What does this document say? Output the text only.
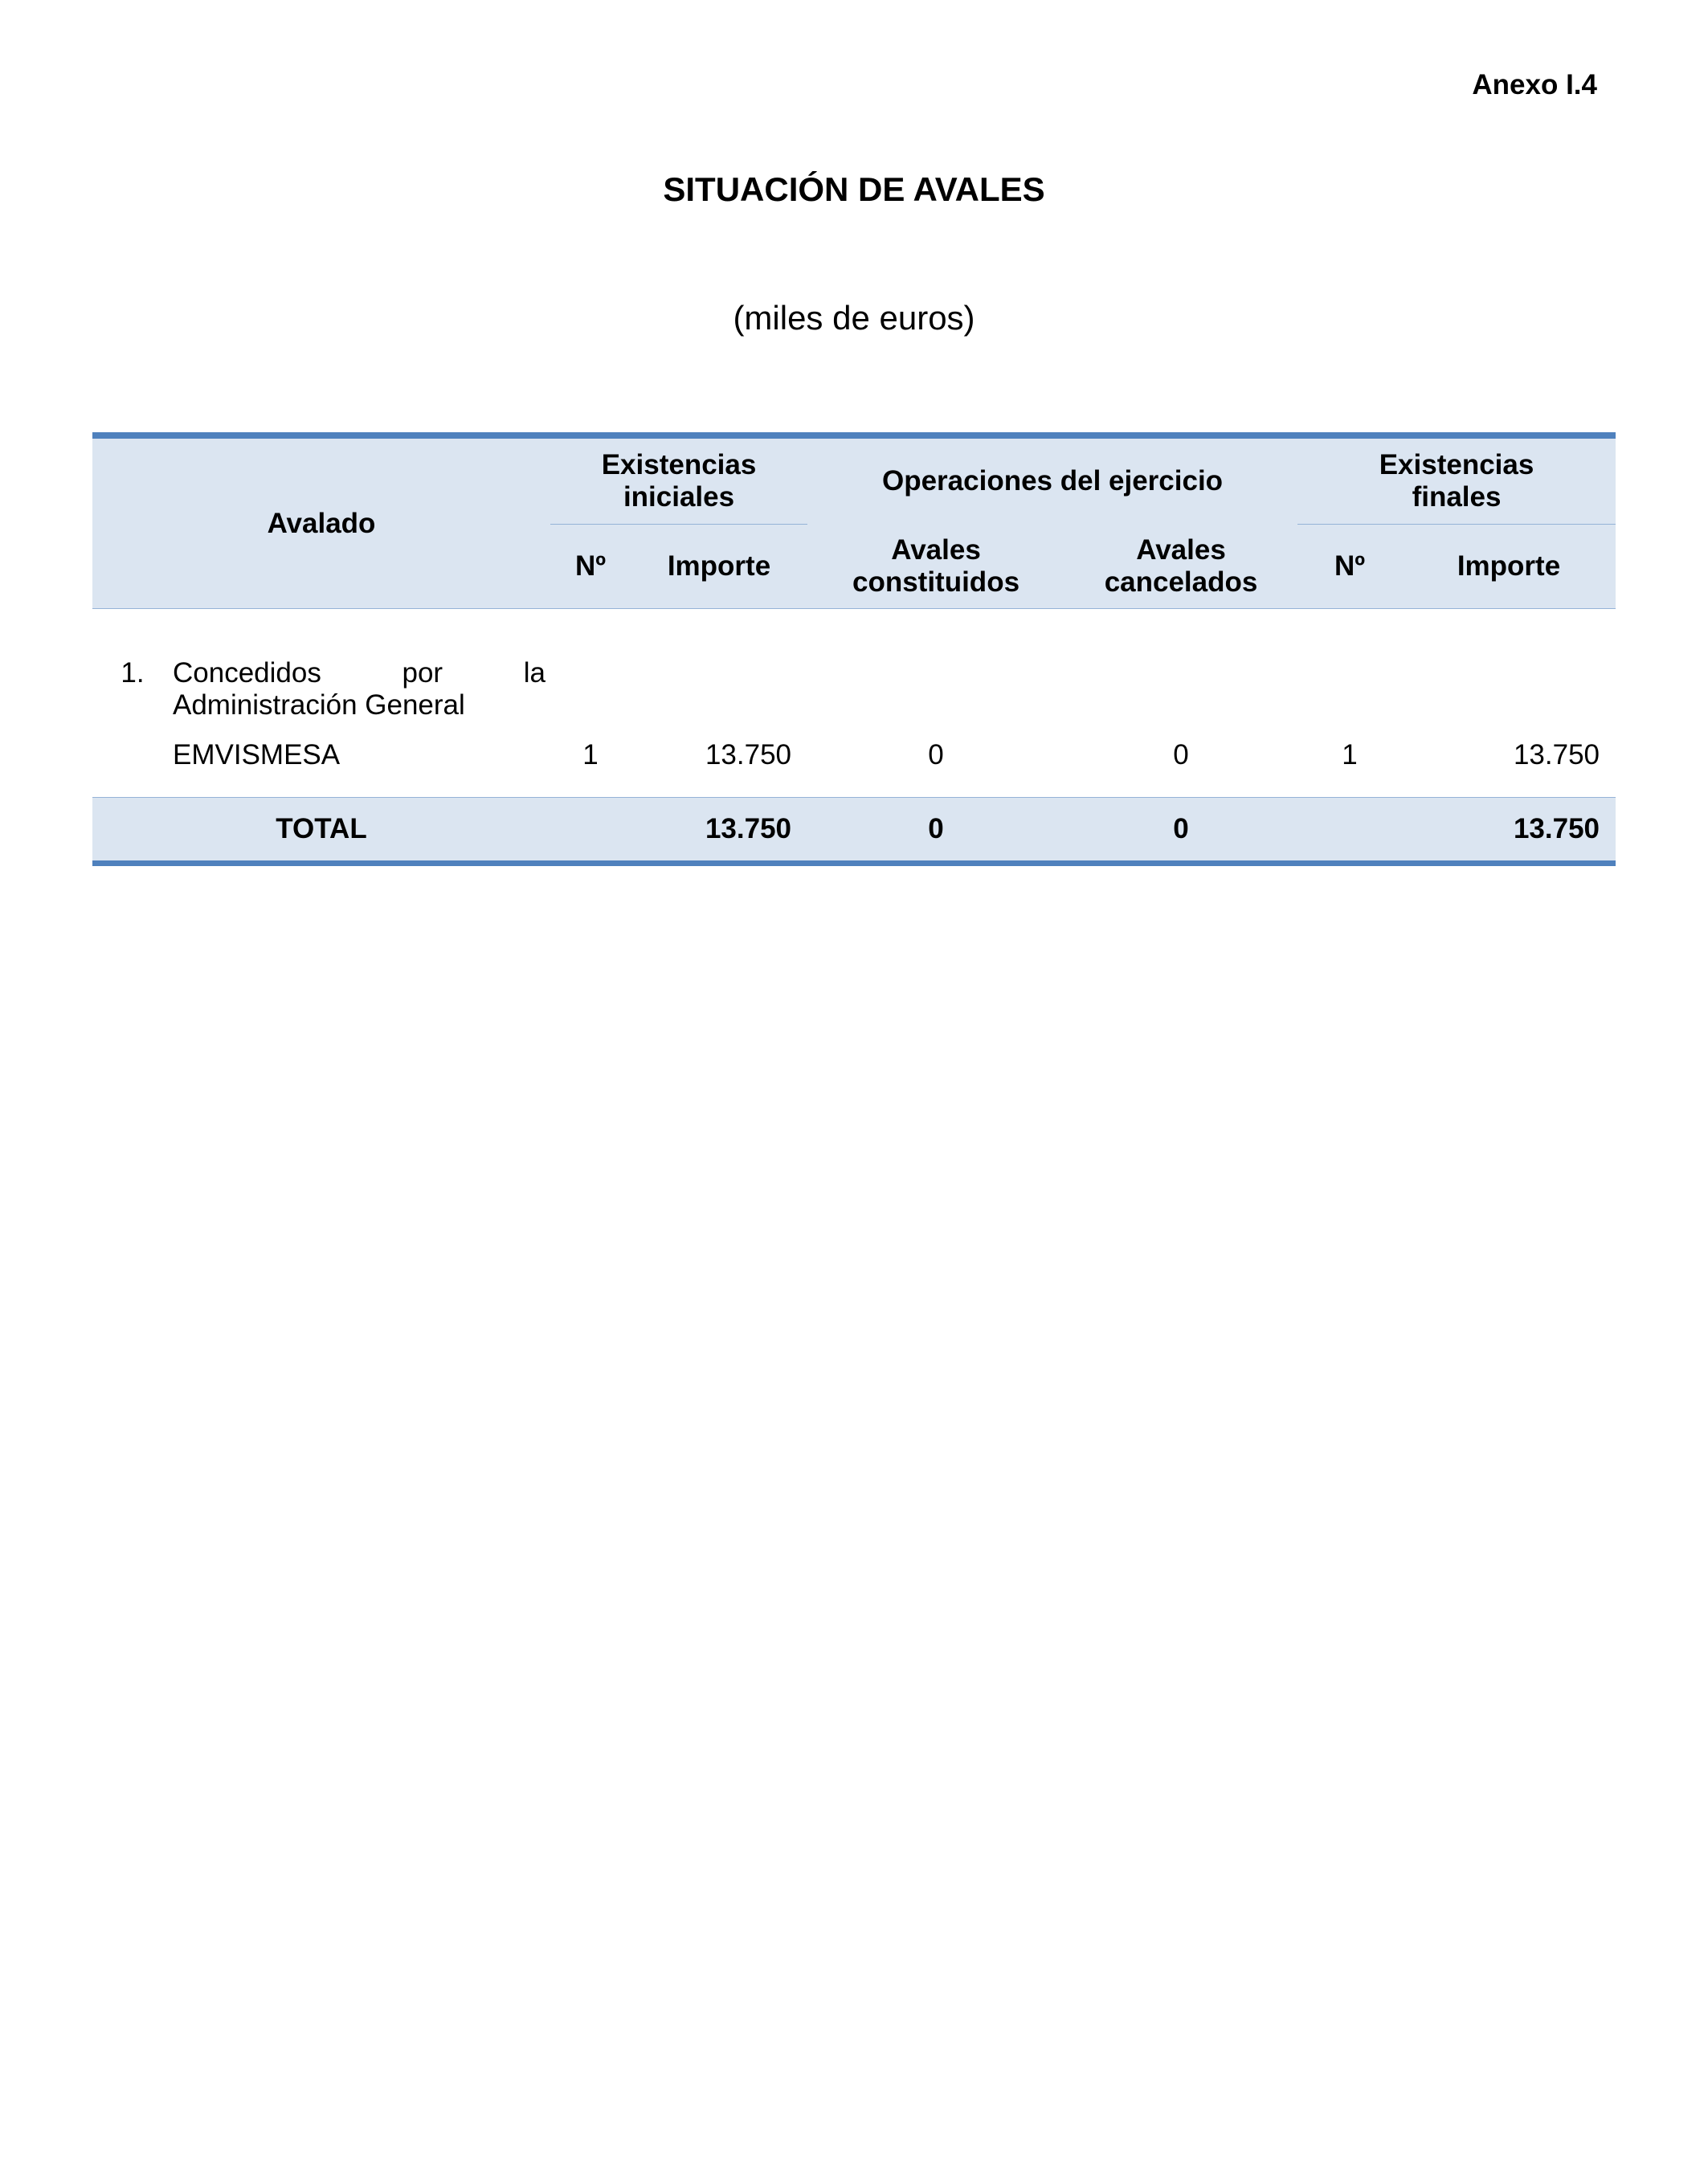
Anexo I.4
SITUACIÓN DE AVALES
(miles de euros)
Avalado		Existencias iniciales		Operaciones del ejercicio		Existencias finales	

		Nº	Importe	Avales constituidos	Avales cancelados	Nº	Importe

1.	Concedidos por la
Administración General						

	EMVISMESA	1	13.750	0	0	1	13.750
TOTAL			13.750	0	0		13.750
